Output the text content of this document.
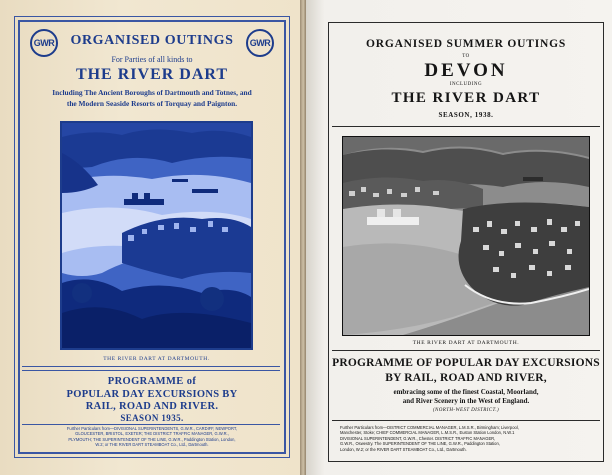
GWR	GWR
ORGANISED OUTINGS
For Parties of all kinds to
THE RIVER DART
Including The Ancient Boroughs of Dartmouth and Totnes, and
the Modern Seaside Resorts of Torquay and Paignton.
THE RIVER DART AT DARTMOUTH.
PROGRAMME of
POPULAR DAY EXCURSIONS BY
RAIL, ROAD AND RIVER.
SEASON 1935.
Further Particulars from—DIVISIONAL SUPERINTENDENTS, G.W.R., CARDIFF, NEWPORT,
GLOUCESTER, BRISTOL, EXETER; THE DISTRICT TRAFFIC MANAGER, G.W.R.,
PLYMOUTH; THE SUPERINTENDENT OF THE LINE, G.W.R., Paddington Station, London,
W.2; or THE RIVER DART STEAMBOAT Co., Ltd., Dartmouth.
ORGANISED SUMMER OUTINGS
TO
DEVON
INCLUDING
THE RIVER DART
SEASON, 1938.
THE RIVER DART AT DARTMOUTH.
PROGRAMME OF POPULAR DAY EXCURSIONS
BY RAIL, ROAD AND RIVER,
embracing some of the finest Coastal, Moorland,
and River Scenery in the West of England.
(NORTH-WEST DISTRICT.)
Further Particulars from—DISTRICT COMMERCIAL MANAGER, L.M.S.R., Birmingham; Liverpool,
Manchester, Stoke; CHIEF COMMERCIAL MANAGER, L.M.S.R., Euston Station London, N.W.1
DIVISIONAL SUPERINTENDENT, G.W.R., Chester. DISTRICT TRAFFIC MANAGER,
G.W.R., Oswestry. The SUPERINTENDENT OF THE LINE, G.W.R., Paddington Station,
London, W.2; or the RIVER DART STEAMBOAT Co., Ltd., Dartmouth.
